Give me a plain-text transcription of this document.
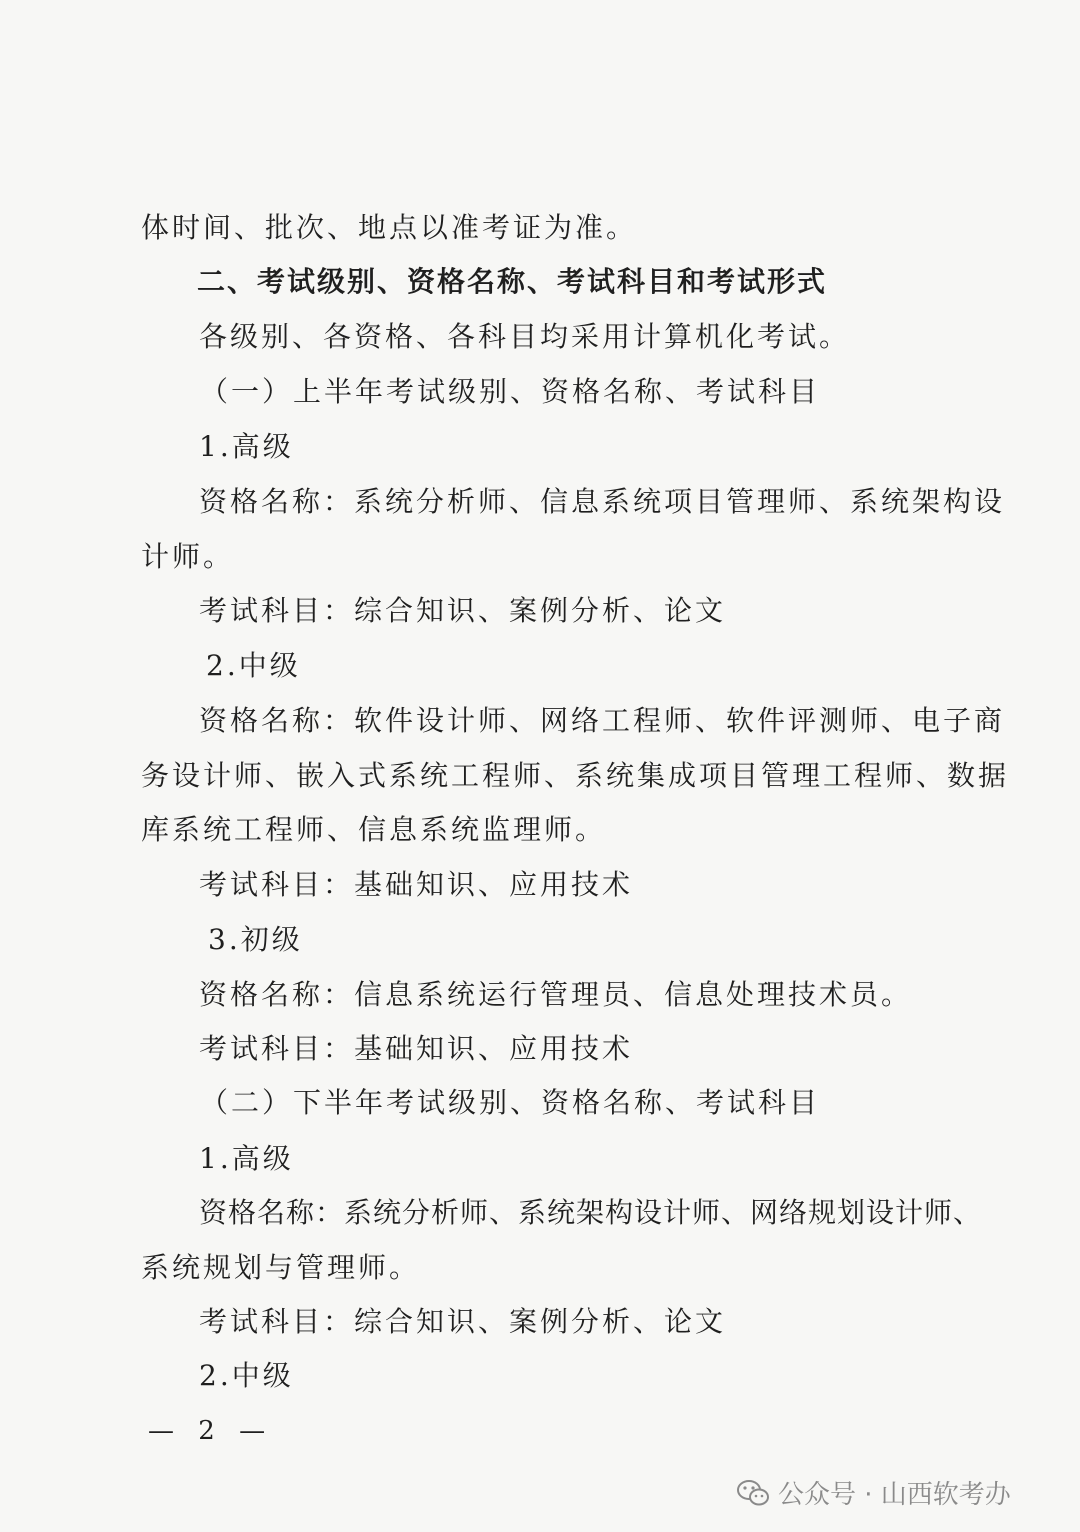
体时间、批次、地点以准考证为准。
二、考试级别、资格名称、考试科目和考试形式
各级别、各资格、各科目均采用计算机化考试。
（一）上半年考试级别、资格名称、考试科目
1.高级
资格名称：系统分析师、信息系统项目管理师、系统架构设
计师。
考试科目：综合知识、案例分析、论文
2.中级
资格名称：软件设计师、网络工程师、软件评测师、电子商
务设计师、嵌入式系统工程师、系统集成项目管理工程师、数据
库系统工程师、信息系统监理师。
考试科目：基础知识、应用技术
3.初级
资格名称：信息系统运行管理员、信息处理技术员。
考试科目：基础知识、应用技术
（二）下半年考试级别、资格名称、考试科目
1.高级
资格名称：系统分析师、系统架构设计师、网络规划设计师、
系统规划与管理师。
考试科目：综合知识、案例分析、论文
2.中级
— 2 —
公众号 · 山西软考办
